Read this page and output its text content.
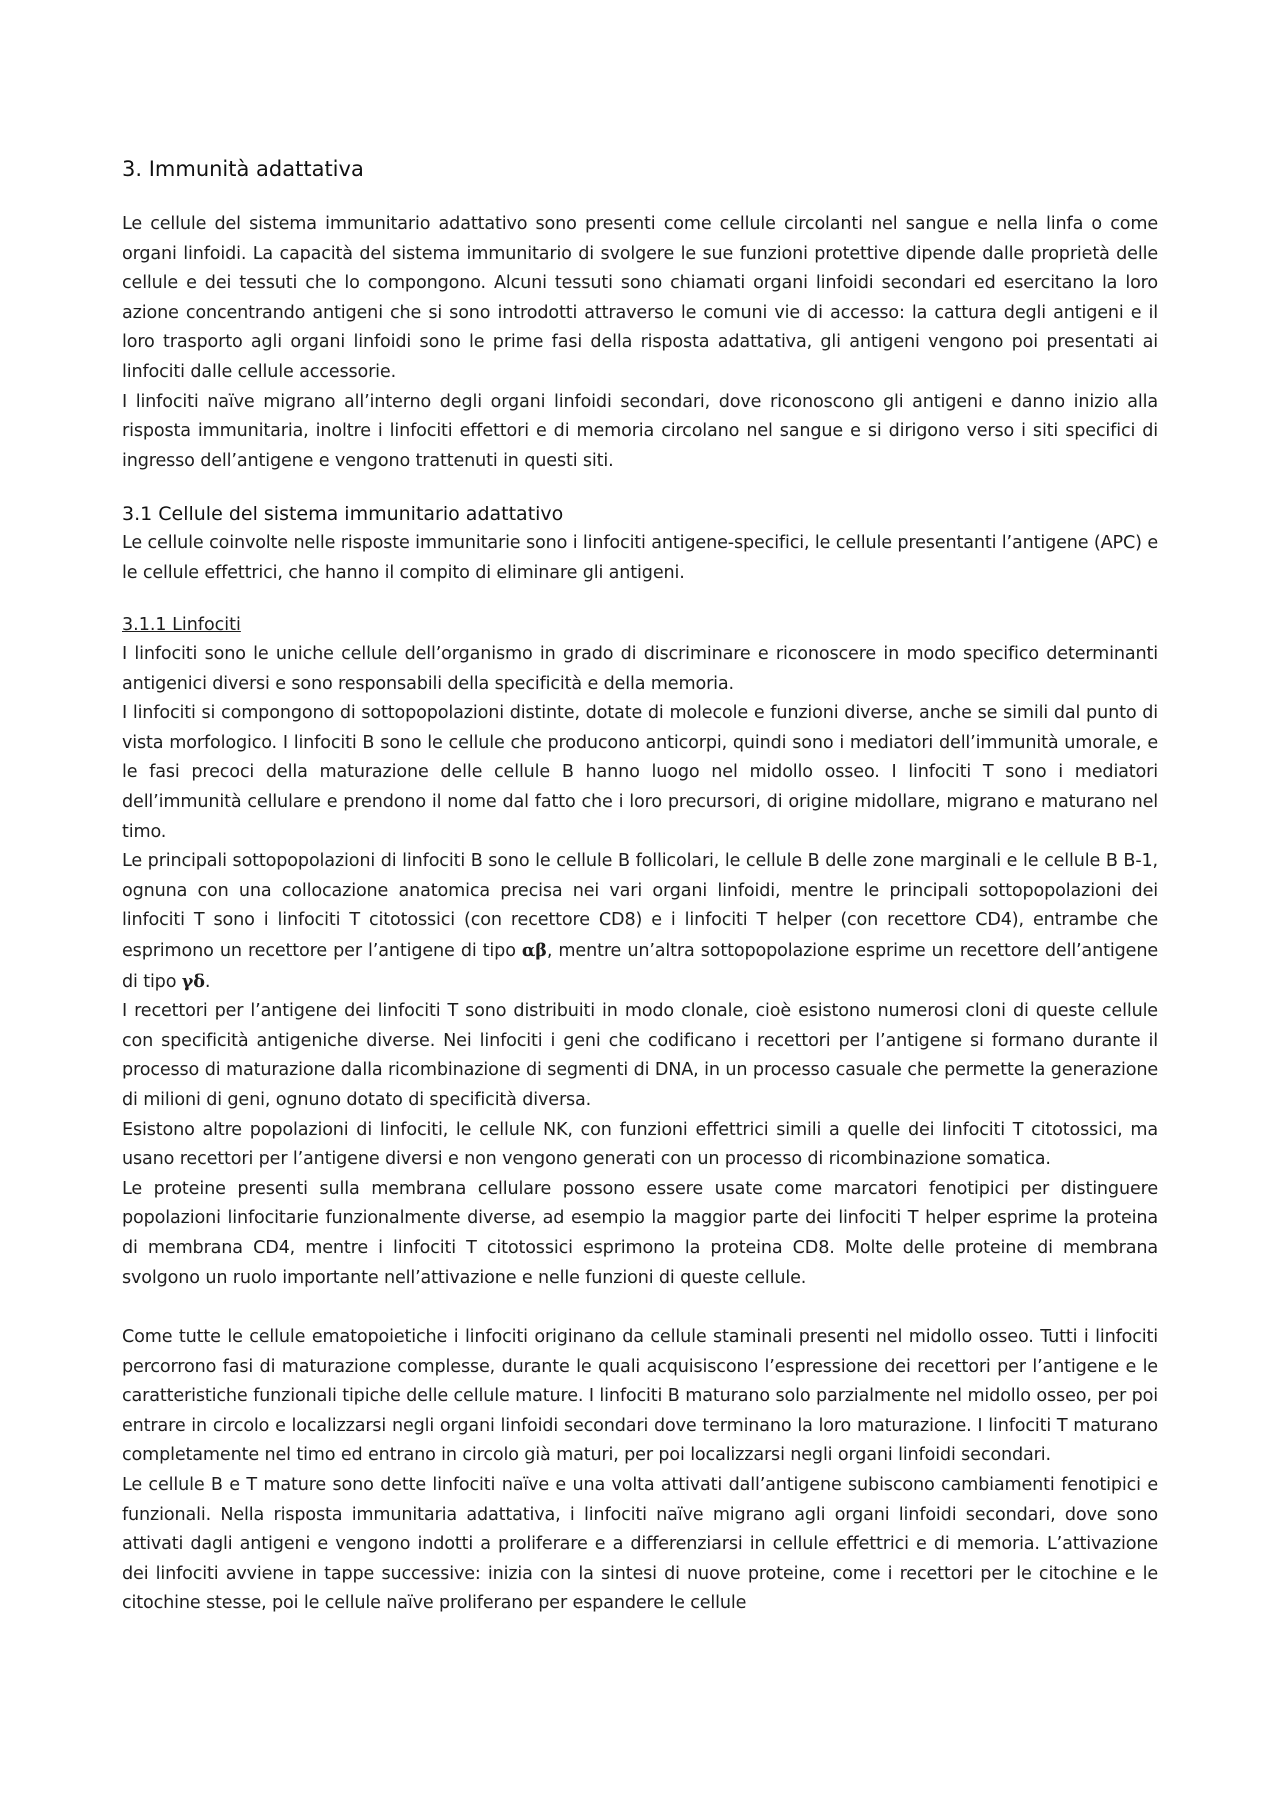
3. Immunità adattativa

Le cellule del sistema immunitario adattativo sono presenti come cellule circolanti nel sangue e nella linfa o come organi linfoidi. La capacità del sistema immunitario di svolgere le sue funzioni protettive dipende dalle proprietà delle cellule e dei tessuti che lo compongono. Alcuni tessuti sono chiamati organi linfoidi secondari ed esercitano la loro azione concentrando antigeni che si sono introdotti attraverso le comuni vie di accesso: la cattura degli antigeni e il loro trasporto agli organi linfoidi sono le prime fasi della risposta adattativa, gli antigeni vengono poi presentati ai linfociti dalle cellule accessorie.

I linfociti naïve migrano all’interno degli organi linfoidi secondari, dove riconoscono gli antigeni e danno inizio alla risposta immunitaria, inoltre i linfociti effettori e di memoria circolano nel sangue e si dirigono verso i siti specifici di ingresso dell’antigene e vengono trattenuti in questi siti.

3.1 Cellule del sistema immunitario adattativo

Le cellule coinvolte nelle risposte immunitarie sono i linfociti antigene-specifici, le cellule presentanti l’antigene (APC) e le cellule effettrici, che hanno il compito di eliminare gli antigeni.

3.1.1 Linfociti

I linfociti sono le uniche cellule dell’organismo in grado di discriminare e riconoscere in modo specifico determinanti antigenici diversi e sono responsabili della specificità e della memoria.

I linfociti si compongono di sottopopolazioni distinte, dotate di molecole e funzioni diverse, anche se simili dal punto di vista morfologico. I linfociti B sono le cellule che producono anticorpi, quindi sono i mediatori dell’immunità umorale, e le fasi precoci della maturazione delle cellule B hanno luogo nel midollo osseo. I linfociti T sono i mediatori dell’immunità cellulare e prendono il nome dal fatto che i loro precursori, di origine midollare, migrano e maturano nel timo.

Le principali sottopopolazioni di linfociti B sono le cellule B follicolari, le cellule B delle zone marginali e le cellule B B-1, ognuna con una collocazione anatomica precisa nei vari organi linfoidi, mentre le principali sottopopolazioni dei linfociti T sono i linfociti T citotossici (con recettore CD8) e i linfociti T helper (con recettore CD4), entrambe che esprimono un recettore per l’antigene di tipo αβ, mentre un’altra sottopopolazione esprime un recettore dell’antigene di tipo γδ.

I recettori per l’antigene dei linfociti T sono distribuiti in modo clonale, cioè esistono numerosi cloni di queste cellule con specificità antigeniche diverse. Nei linfociti i geni che codificano i recettori per l’antigene si formano durante il processo di maturazione dalla ricombinazione di segmenti di DNA, in un processo casuale che permette la generazione di milioni di geni, ognuno dotato di specificità diversa.

Esistono altre popolazioni di linfociti, le cellule NK, con funzioni effettrici simili a quelle dei linfociti T citotossici, ma usano recettori per l’antigene diversi e non vengono generati con un processo di ricombinazione somatica.

Le proteine presenti sulla membrana cellulare possono essere usate come marcatori fenotipici per distinguere popolazioni linfocitarie funzionalmente diverse, ad esempio la maggior parte dei linfociti T helper esprime la proteina di membrana CD4, mentre i linfociti T citotossici esprimono la proteina CD8. Molte delle proteine di membrana svolgono un ruolo importante nell’attivazione e nelle funzioni di queste cellule.

Come tutte le cellule ematopoietiche i linfociti originano da cellule staminali presenti nel midollo osseo. Tutti i linfociti percorrono fasi di maturazione complesse, durante le quali acquisiscono l’espressione dei recettori per l’antigene e le caratteristiche funzionali tipiche delle cellule mature. I linfociti B maturano solo parzialmente nel midollo osseo, per poi entrare in circolo e localizzarsi negli organi linfoidi secondari dove terminano la loro maturazione. I linfociti T maturano completamente nel timo ed entrano in circolo già maturi, per poi localizzarsi negli organi linfoidi secondari.

Le cellule B e T mature sono dette linfociti naïve e una volta attivati dall’antigene subiscono cambiamenti fenotipici e funzionali. Nella risposta immunitaria adattativa, i linfociti naïve migrano agli organi linfoidi secondari, dove sono attivati dagli antigeni e vengono indotti a proliferare e a differenziarsi in cellule effettrici e di memoria. L’attivazione dei linfociti avviene in tappe successive: inizia con la sintesi di nuove proteine, come i recettori per le citochine e le citochine stesse, poi le cellule naïve proliferano per espandere le cellule
